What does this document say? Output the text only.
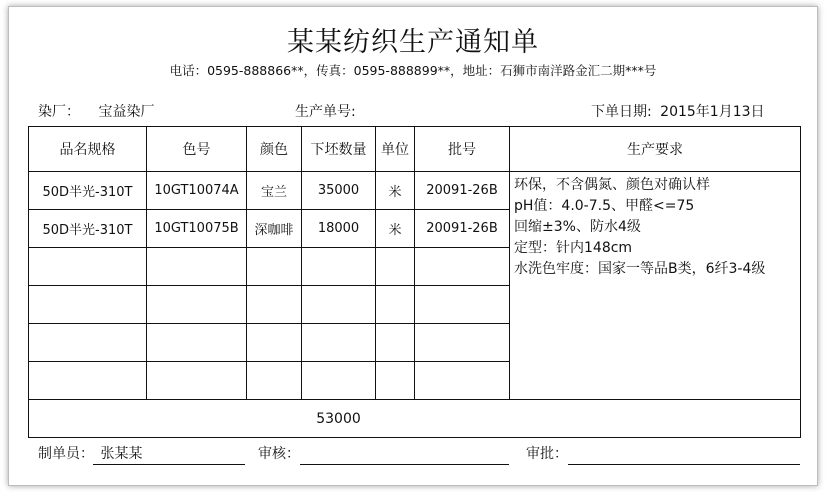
某某纺织生产通知单
电话：0595-888866**，传真：0595-888899**，地址：石狮市南洋路金汇二期***号
染厂： 宝益染厂	生产单号:	下单日期: 2015年1月13日
品名规格	色号	颜色	下坯数量	单位	批号	生产要求
50D半光-310T	10GT10074A	宝兰	35000	米	20091-26B	环保，不含偶氮、颜色对确认样
pH值：4.0-7.5、甲醛<=75
回缩±3%、防水4级
定型：针内148cm
水洗色牢度：国家一等品B类，6纤3-4级

50D半光-310T	10GT10075B	深咖啡	18000	米	20091-26B	

			53000			
制单员： 张某某	审核：	审批：
